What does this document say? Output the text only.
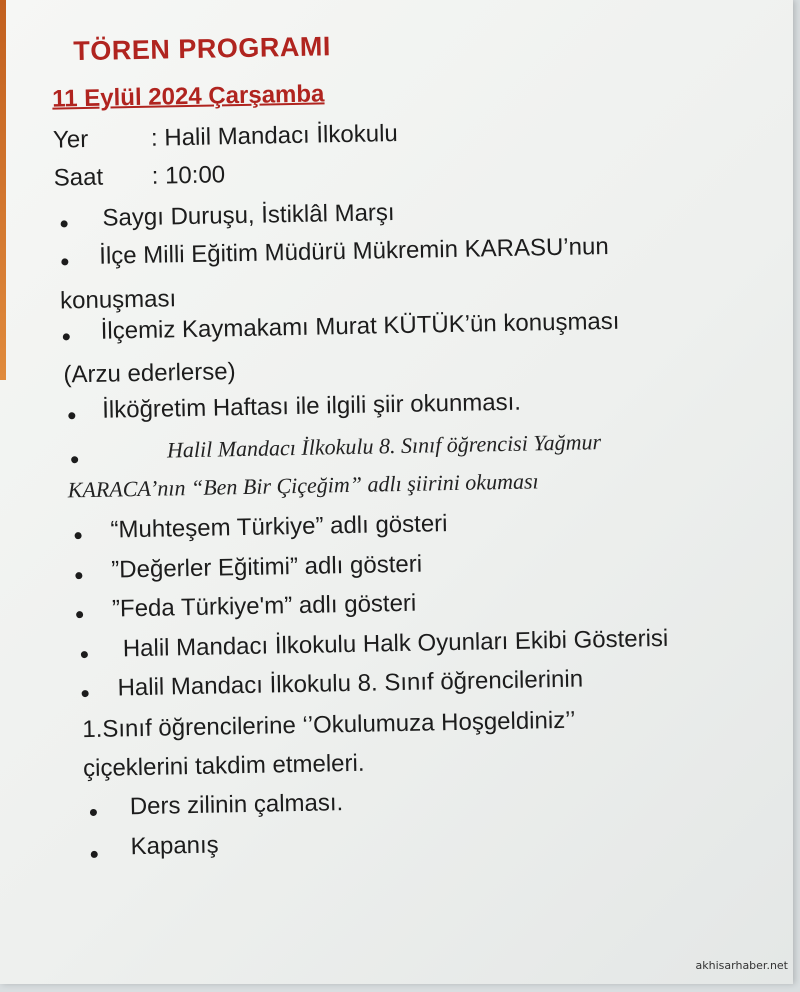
TÖREN PROGRAMI
11 Eylül 2024 Çarşamba
Yer	: Halil Mandacı İlkokulu
Saat : 10:00
Saygı Duruşu, İstiklâl Marşı
İlçe Milli Eğitim Müdürü Mükremin KARASU’nun
konuşması
İlçemiz Kaymakamı Murat KÜTÜK’ün konuşması
(Arzu ederlerse)
İlköğretim Haftası ile ilgili şiir okunması.
Halil Mandacı İlkokulu 8. Sınıf öğrencisi Yağmur
KARACA’nın “Ben Bir Çiçeğim” adlı şiirini okuması
“Muhteşem Türkiye” adlı gösteri
”Değerler Eğitimi” adlı gösteri
”Feda Türkiye'm” adlı gösteri
Halil Mandacı İlkokulu Halk Oyunları Ekibi Gösterisi
Halil Mandacı İlkokulu 8. Sınıf öğrencilerinin
1.Sınıf öğrencilerine ‘’Okulumuza Hoşgeldiniz’’
çiçeklerini takdim etmeleri.
Ders zilinin çalması.
Kapanış
akhisarhaber.net
